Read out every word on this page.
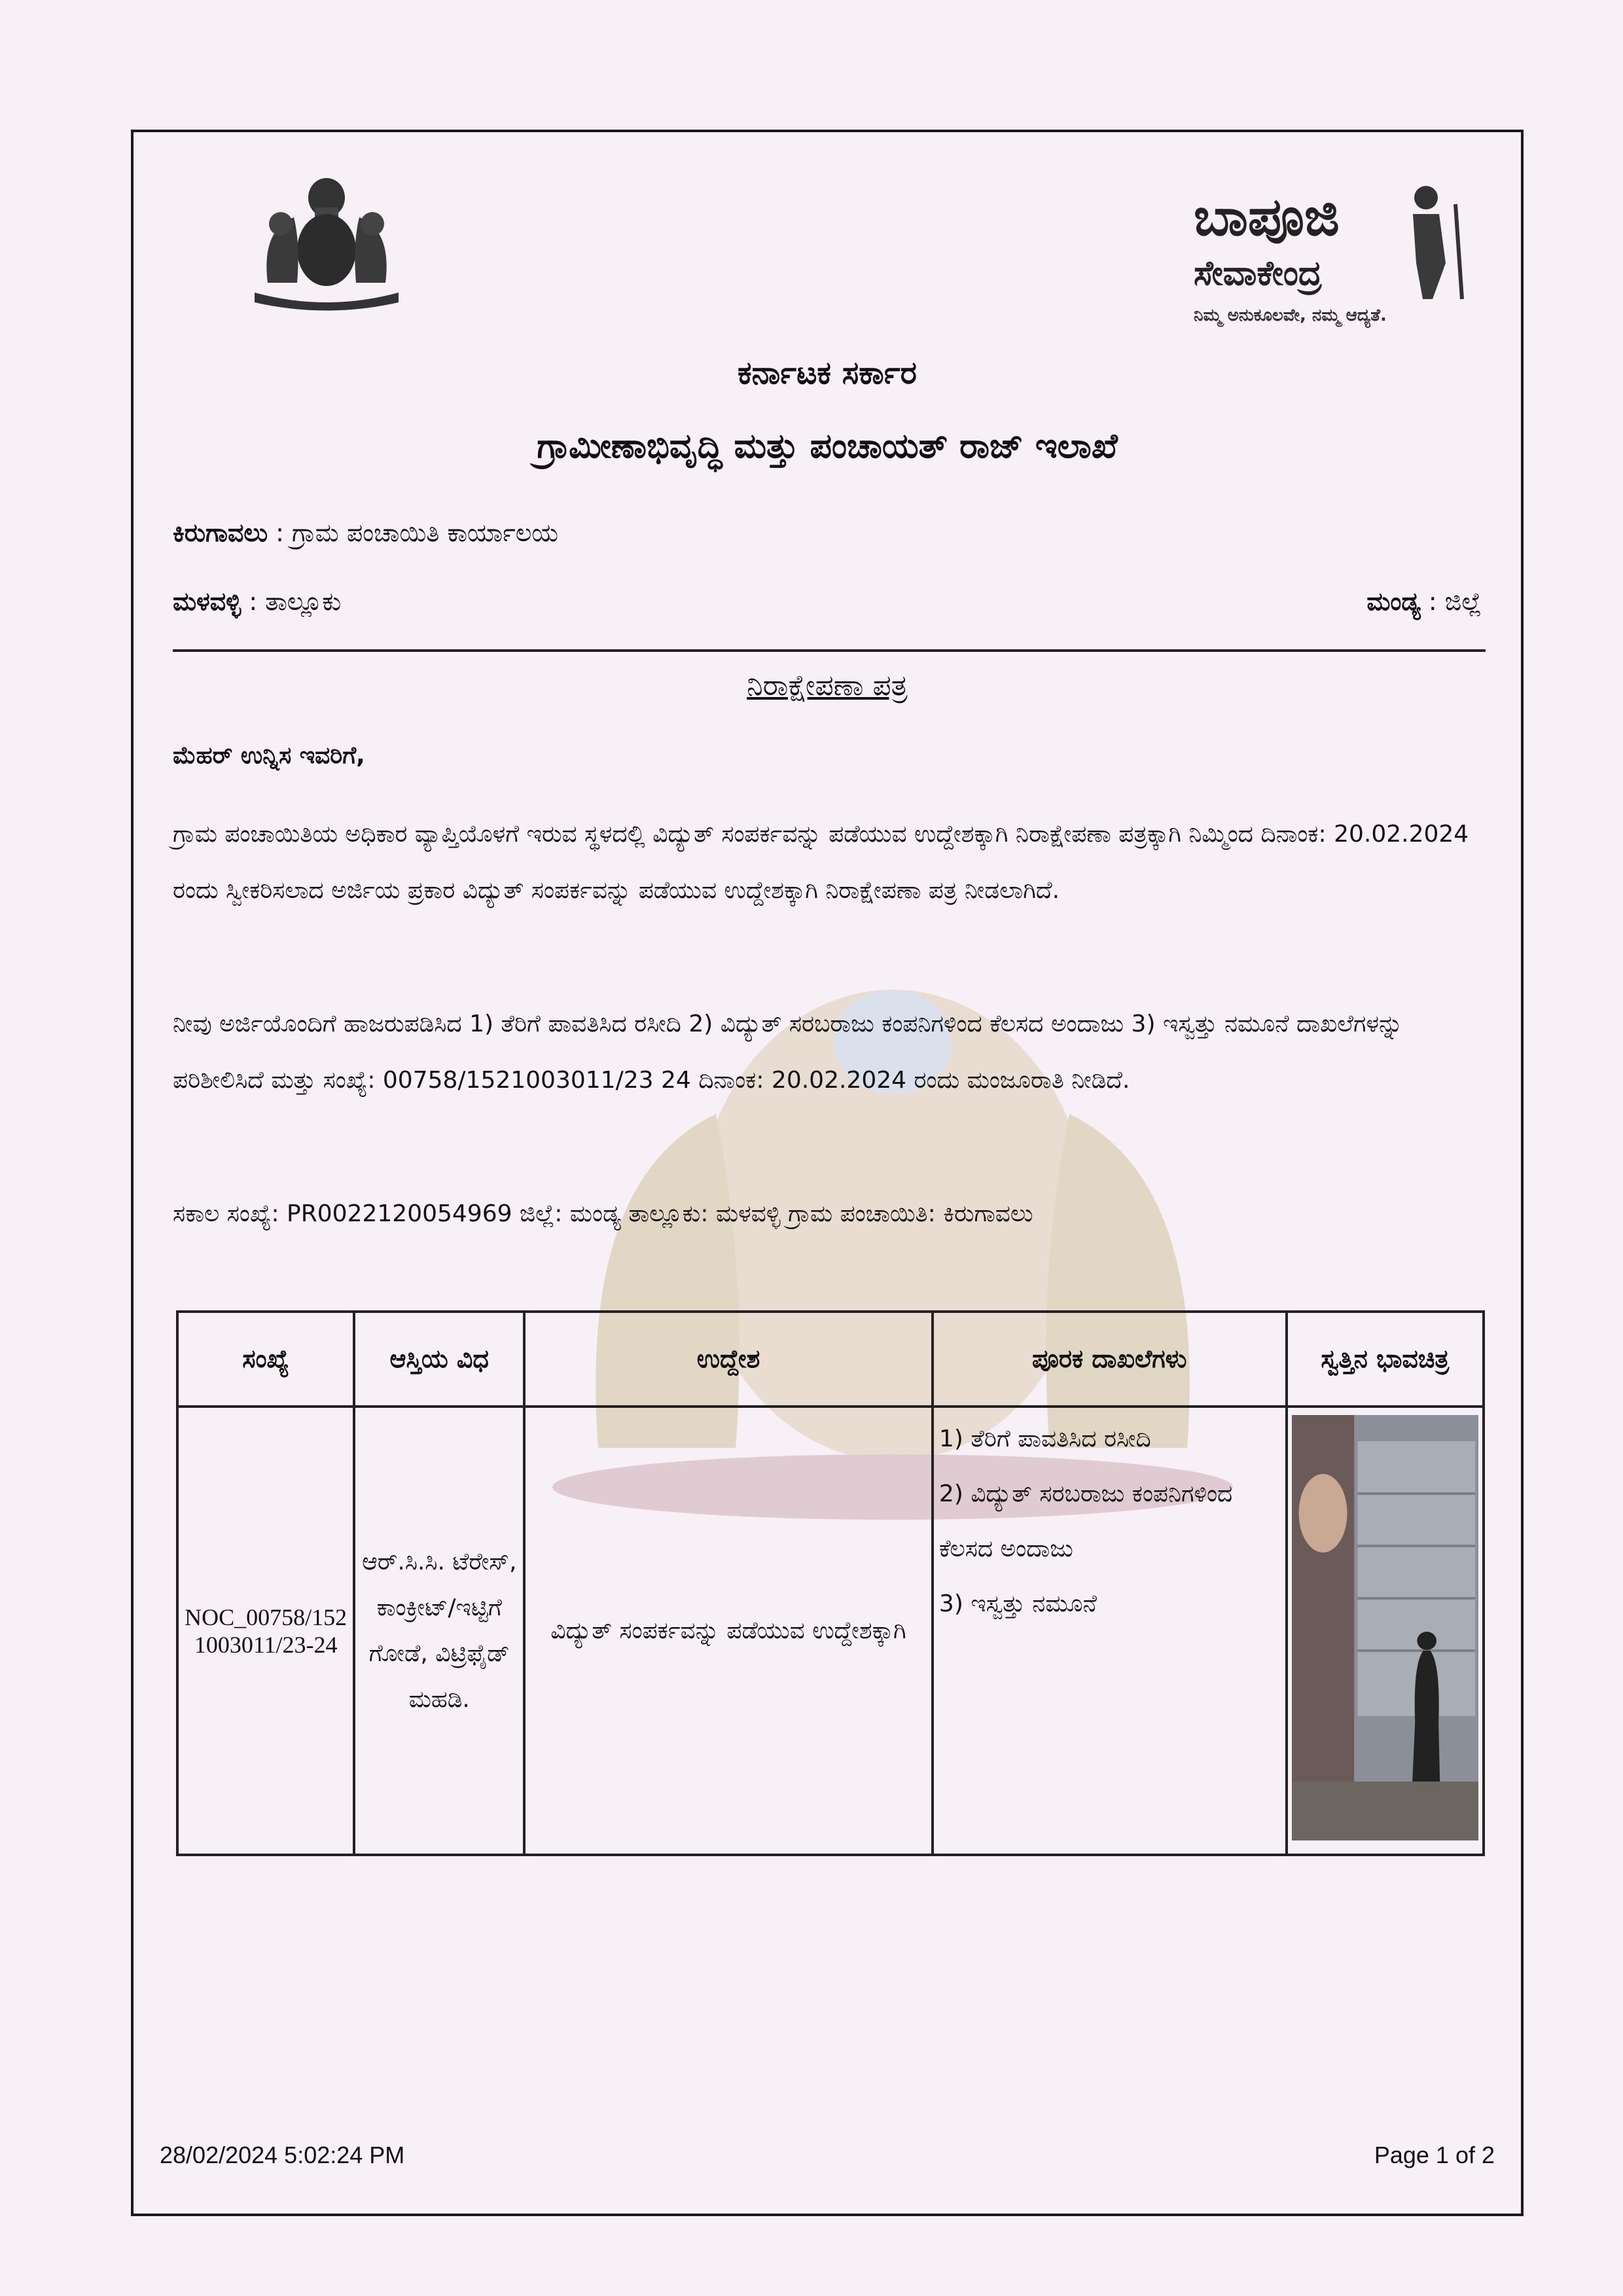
ಬಾಪೂಜಿ
ಸೇವಾಕೇಂದ್ರ
ನಿಮ್ಮ ಅನುಕೂಲವೇ, ನಮ್ಮ ಆದ್ಯತೆ.
ಕರ್ನಾಟಕ ಸರ್ಕಾರ
ಗ್ರಾಮೀಣಾಭಿವೃದ್ಧಿ ಮತ್ತು ಪಂಚಾಯತ್ ರಾಜ್ ಇಲಾಖೆ
ಕಿರುಗಾವಲು : ಗ್ರಾಮ ಪಂಚಾಯಿತಿ ಕಾರ್ಯಾಲಯ
ಮಳವಳ್ಳಿ : ತಾಲ್ಲೂಕು	ಮಂಡ್ಯ : ಜಿಲ್ಲೆ
ನಿರಾಕ್ಷೇಪಣಾ ಪತ್ರ
ಮೆಹರ್ ಉನ್ನಿಸ ಇವರಿಗೆ,
ಗ್ರಾಮ ಪಂಚಾಯಿತಿಯ ಅಧಿಕಾರ ವ್ಯಾಪ್ತಿಯೊಳಗೆ ಇರುವ ಸ್ಥಳದಲ್ಲಿ ವಿದ್ಯುತ್ ಸಂಪರ್ಕವನ್ನು ಪಡೆಯುವ ಉದ್ದೇಶಕ್ಕಾಗಿ ನಿರಾಕ್ಷೇಪಣಾ ಪತ್ರಕ್ಕಾಗಿ ನಿಮ್ಮಿಂದ ದಿನಾಂಕ: 20.02.2024 ರಂದು ಸ್ವೀಕರಿಸಲಾದ ಅರ್ಜಿಯ ಪ್ರಕಾರ ವಿದ್ಯುತ್ ಸಂಪರ್ಕವನ್ನು ಪಡೆಯುವ ಉದ್ದೇಶಕ್ಕಾಗಿ ನಿರಾಕ್ಷೇಪಣಾ ಪತ್ರ ನೀಡಲಾಗಿದೆ.
ನೀವು ಅರ್ಜಿಯೊಂದಿಗೆ ಹಾಜರುಪಡಿಸಿದ 1) ತೆರಿಗೆ ಪಾವತಿಸಿದ ರಸೀದಿ 2) ವಿದ್ಯುತ್ ಸರಬರಾಜು ಕಂಪನಿಗಳಿಂದ ಕೆಲಸದ ಅಂದಾಜು 3) ಇಸ್ವತ್ತು ನಮೂನೆ ದಾಖಲೆಗಳನ್ನು ಪರಿಶೀಲಿಸಿದೆ ಮತ್ತು ಸಂಖ್ಯೆ: 00758/1521003011/23 24 ದಿನಾಂಕ: 20.02.2024 ರಂದು ಮಂಜೂರಾತಿ ನೀಡಿದೆ.
ಸಕಾಲ ಸಂಖ್ಯೆ: PR0022120054969 ಜಿಲ್ಲೆ: ಮಂಡ್ಯ ತಾಲ್ಲೂಕು: ಮಳವಳ್ಳಿ ಗ್ರಾಮ ಪಂಚಾಯಿತಿ: ಕಿರುಗಾವಲು
ಸಂಖ್ಯೆ	ಆಸ್ತಿಯ ವಿಧ	ಉದ್ದೇಶ	ಪೂರಕ ದಾಖಲೆಗಳು	ಸ್ವತ್ತಿನ ಭಾವಚಿತ್ರ
NOC_00758/1521003011/23-24	ಆರ್.ಸಿ.ಸಿ. ಟೆರೇಸ್, ಕಾಂಕ್ರೀಟ್/ಇಟ್ಟಿಗೆ ಗೋಡೆ, ವಿಟ್ರಿಫೈಡ್ ಮಹಡಿ.	ವಿದ್ಯುತ್ ಸಂಪರ್ಕವನ್ನು ಪಡೆಯುವ ಉದ್ದೇಶಕ್ಕಾಗಿ	1) ತೆರಿಗೆ ಪಾವತಿಸಿದ ರಸೀದಿ
2) ವಿದ್ಯುತ್ ಸರಬರಾಜು ಕಂಪನಿಗಳಿಂದ ಕೆಲಸದ ಅಂದಾಜು
3) ಇಸ್ವತ್ತು ನಮೂನೆ

28/02/2024 5:02:24 PM	Page 1 of 2
